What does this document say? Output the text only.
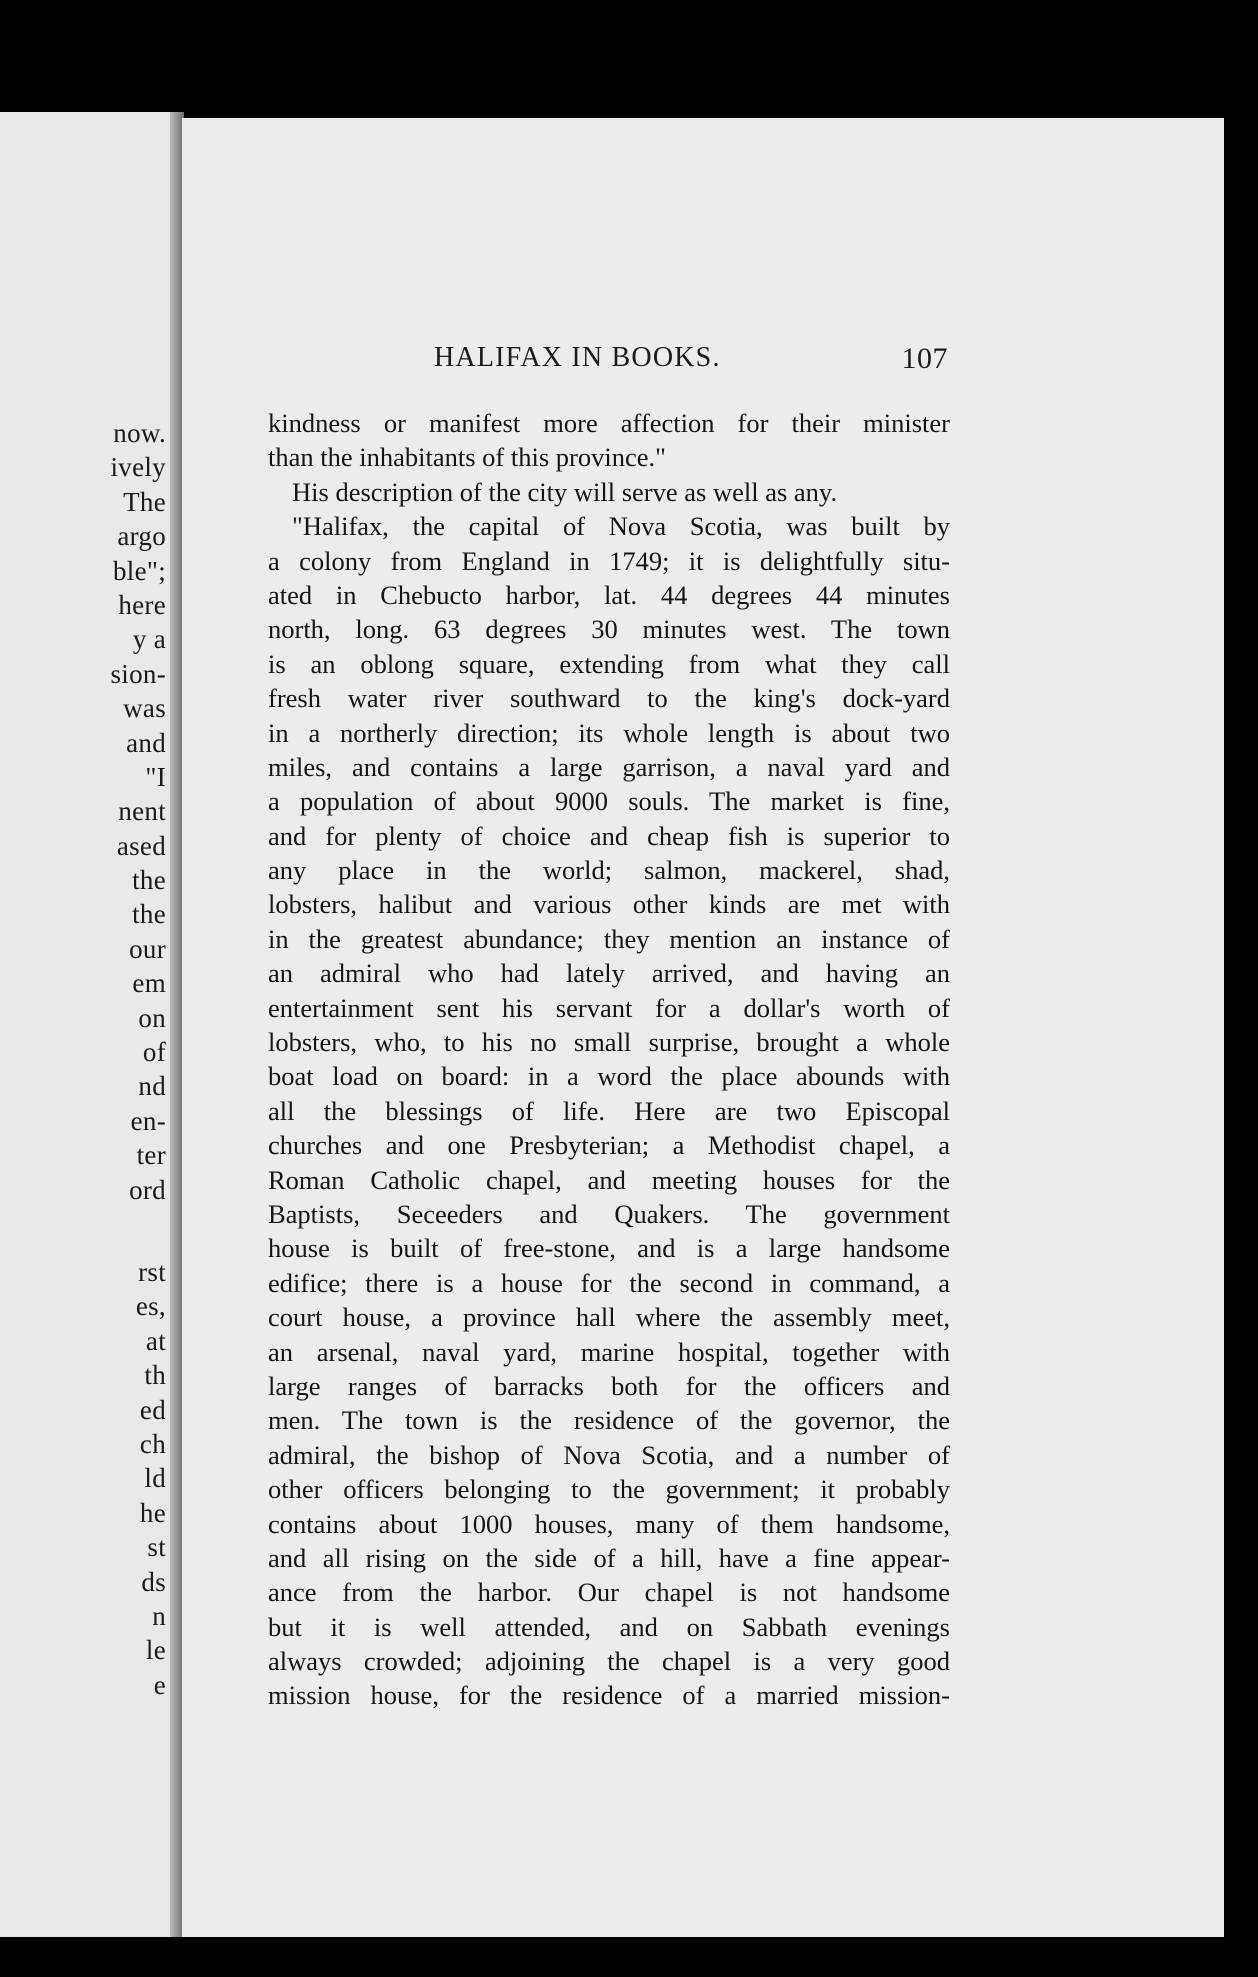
now.
ively
The
argo
ble";
here
y a
sion-
was
and
"I
nent
ased
the
the
our
em
on
of
nd
en-
ter
ord
rst
es,
at
th
ed
ch
ld
he
st
ds
n
le
e
HALIFAX IN BOOKS.	107
kindness or manifest more affection for their minister
than the inhabitants of this province."
His description of the city will serve as well as any.
"Halifax, the capital of Nova Scotia, was built by
a colony from England in 1749; it is delightfully situ-
ated in Chebucto harbor, lat. 44 degrees 44 minutes
north, long. 63 degrees 30 minutes west. The town
is an oblong square, extending from what they call
fresh water river southward to the king's dock-yard
in a northerly direction; its whole length is about two
miles, and contains a large garrison, a naval yard and
a population of about 9000 souls. The market is fine,
and for plenty of choice and cheap fish is superior to
any place in the world; salmon, mackerel, shad,
lobsters, halibut and various other kinds are met with
in the greatest abundance; they mention an instance of
an admiral who had lately arrived, and having an
entertainment sent his servant for a dollar's worth of
lobsters, who, to his no small surprise, brought a whole
boat load on board: in a word the place abounds with
all the blessings of life. Here are two Episcopal
churches and one Presbyterian; a Methodist chapel, a
Roman Catholic chapel, and meeting houses for the
Baptists, Seceeders and Quakers. The government
house is built of free-stone, and is a large handsome
edifice; there is a house for the second in command, a
court house, a province hall where the assembly meet,
an arsenal, naval yard, marine hospital, together with
large ranges of barracks both for the officers and
men. The town is the residence of the governor, the
admiral, the bishop of Nova Scotia, and a number of
other officers belonging to the government; it probably
contains about 1000 houses, many of them handsome,
and all rising on the side of a hill, have a fine appear-
ance from the harbor. Our chapel is not handsome
but it is well attended, and on Sabbath evenings
always crowded; adjoining the chapel is a very good
mission house, for the residence of a married mission-
